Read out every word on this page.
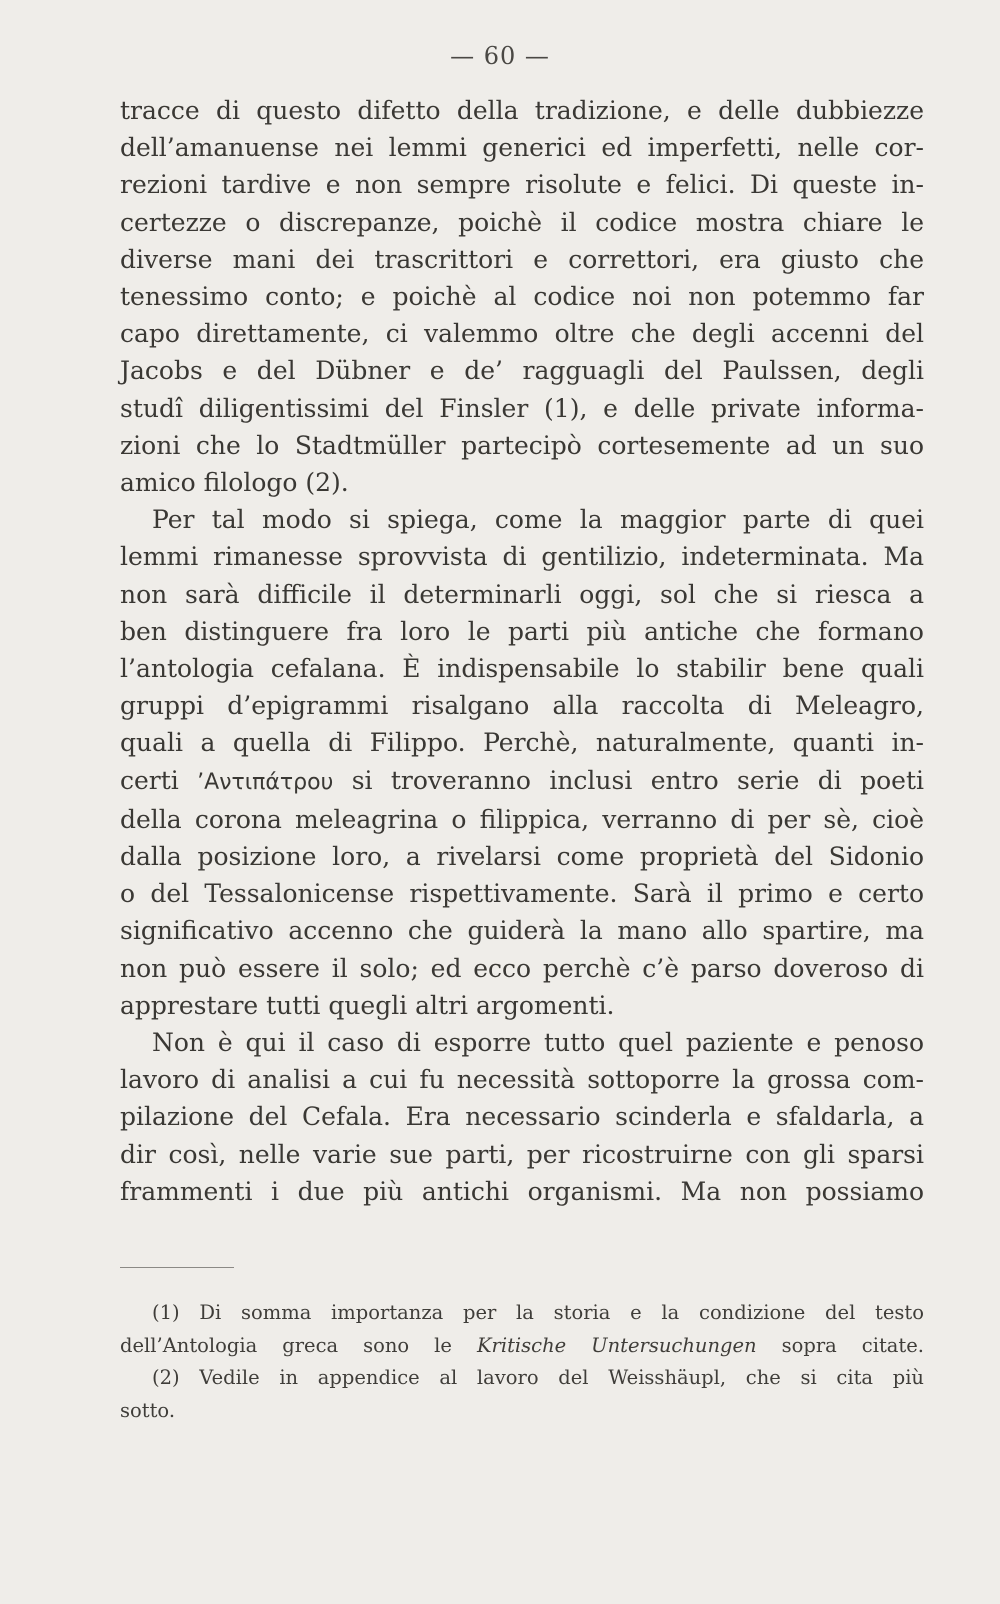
— 60 —
tracce di questo difetto della tradizione, e delle dubbiezze
dell’amanuense nei lemmi generici ed imperfetti, nelle cor-
rezioni tardive e non sempre risolute e felici. Di queste in-
certezze o discrepanze, poichè il codice mostra chiare le
diverse mani dei trascrittori e correttori, era giusto che
tenessimo conto; e poichè al codice noi non potemmo far
capo direttamente, ci valemmo oltre che degli accenni del
Jacobs e del Dübner e de’ ragguagli del Paulssen, degli
studî diligentissimi del Finsler (1), e delle private informa-
zioni che lo Stadtmüller partecipò cortesemente ad un suo
amico filologo (2).
Per tal modo si spiega, come la maggior parte di quei
lemmi rimanesse sprovvista di gentilizio, indeterminata. Ma
non sarà difficile il determinarli oggi, sol che si riesca a
ben distinguere fra loro le parti più antiche che formano
l’antologia cefalana. È indispensabile lo stabilir bene quali
gruppi d’epigrammi risalgano alla raccolta di Meleagro,
quali a quella di Filippo. Perchè, naturalmente, quanti in-
certi ’Αντιπάτρου si troveranno inclusi entro serie di poeti
della corona meleagrina o filippica, verranno di per sè, cioè
dalla posizione loro, a rivelarsi come proprietà del Sidonio
o del Tessalonicense rispettivamente. Sarà il primo e certo
significativo accenno che guiderà la mano allo spartire, ma
non può essere il solo; ed ecco perchè c’è parso doveroso di
apprestare tutti quegli altri argomenti.
Non è qui il caso di esporre tutto quel paziente e penoso
lavoro di analisi a cui fu necessità sottoporre la grossa com-
pilazione del Cefala. Era necessario scinderla e sfaldarla, a
dir così, nelle varie sue parti, per ricostruirne con gli sparsi
frammenti i due più antichi organismi. Ma non possiamo
(1) Di somma importanza per la storia e la condizione del testo
dell’Antologia greca sono le Kritische Untersuchungen sopra citate.
(2) Vedile in appendice al lavoro del Weisshäupl, che si cita più
sotto.
